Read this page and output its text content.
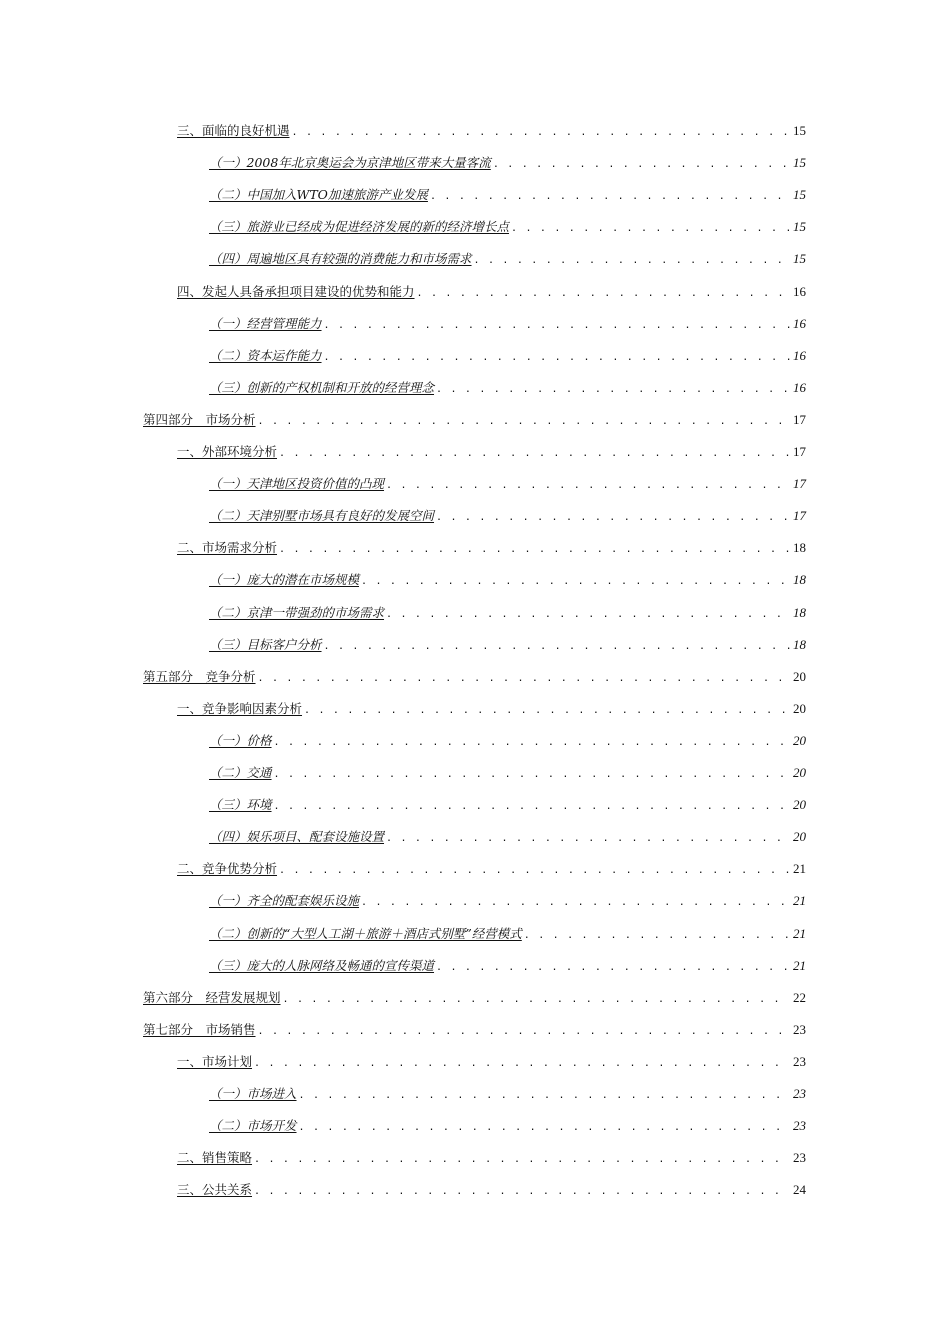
三、面临的良好机遇 . . .	15
（一）2008年北京奥运会为京津地区带来大量客流 . . .	15
（二）中国加入WTO加速旅游产业发展 . . .	15
（三）旅游业已经成为促进经济发展的新的经济增长点 . . .	15
（四）周遍地区具有较强的消费能力和市场需求 . . .	15
四、发起人具备承担项目建设的优势和能力 . . .	16
（一）经营管理能力 . . .	16
（二）资本运作能力 . . .	16
（三）创新的产权机制和开放的经营理念 . . .	16
第四部分　市场分析 . . .	17
一、外部环境分析 . . .	17
（一）天津地区投资价值的凸现 . . .	17
（二）天津别墅市场具有良好的发展空间 . . .	17
二、市场需求分析 . . .	18
（一）庞大的潜在市场规模 . . .	18
（二）京津一带强劲的市场需求 . . .	18
（三）目标客户分析 . . .	18
第五部分　竞争分析 . . .	20
一、竞争影响因素分析 . . .	20
（一）价格 . . .	20
（二）交通 . . .	20
（三）环境 . . .	20
（四）娱乐项目、配套设施设置 . . .	20
二、竞争优势分析 . . .	21
（一）齐全的配套娱乐设施 . . .	21
（二）创新的“大型人工湖＋旅游＋酒店式别墅”经营模式 . . .	21
（三）庞大的人脉网络及畅通的宣传渠道 . . .	21
第六部分　经营发展规划 . . .	22
第七部分　市场销售 . . .	23
一、市场计划 . . .	23
（一）市场进入 . . .	23
（二）市场开发 . . .	23
二、销售策略 . . .	23
三、公共关系 . . .	24
